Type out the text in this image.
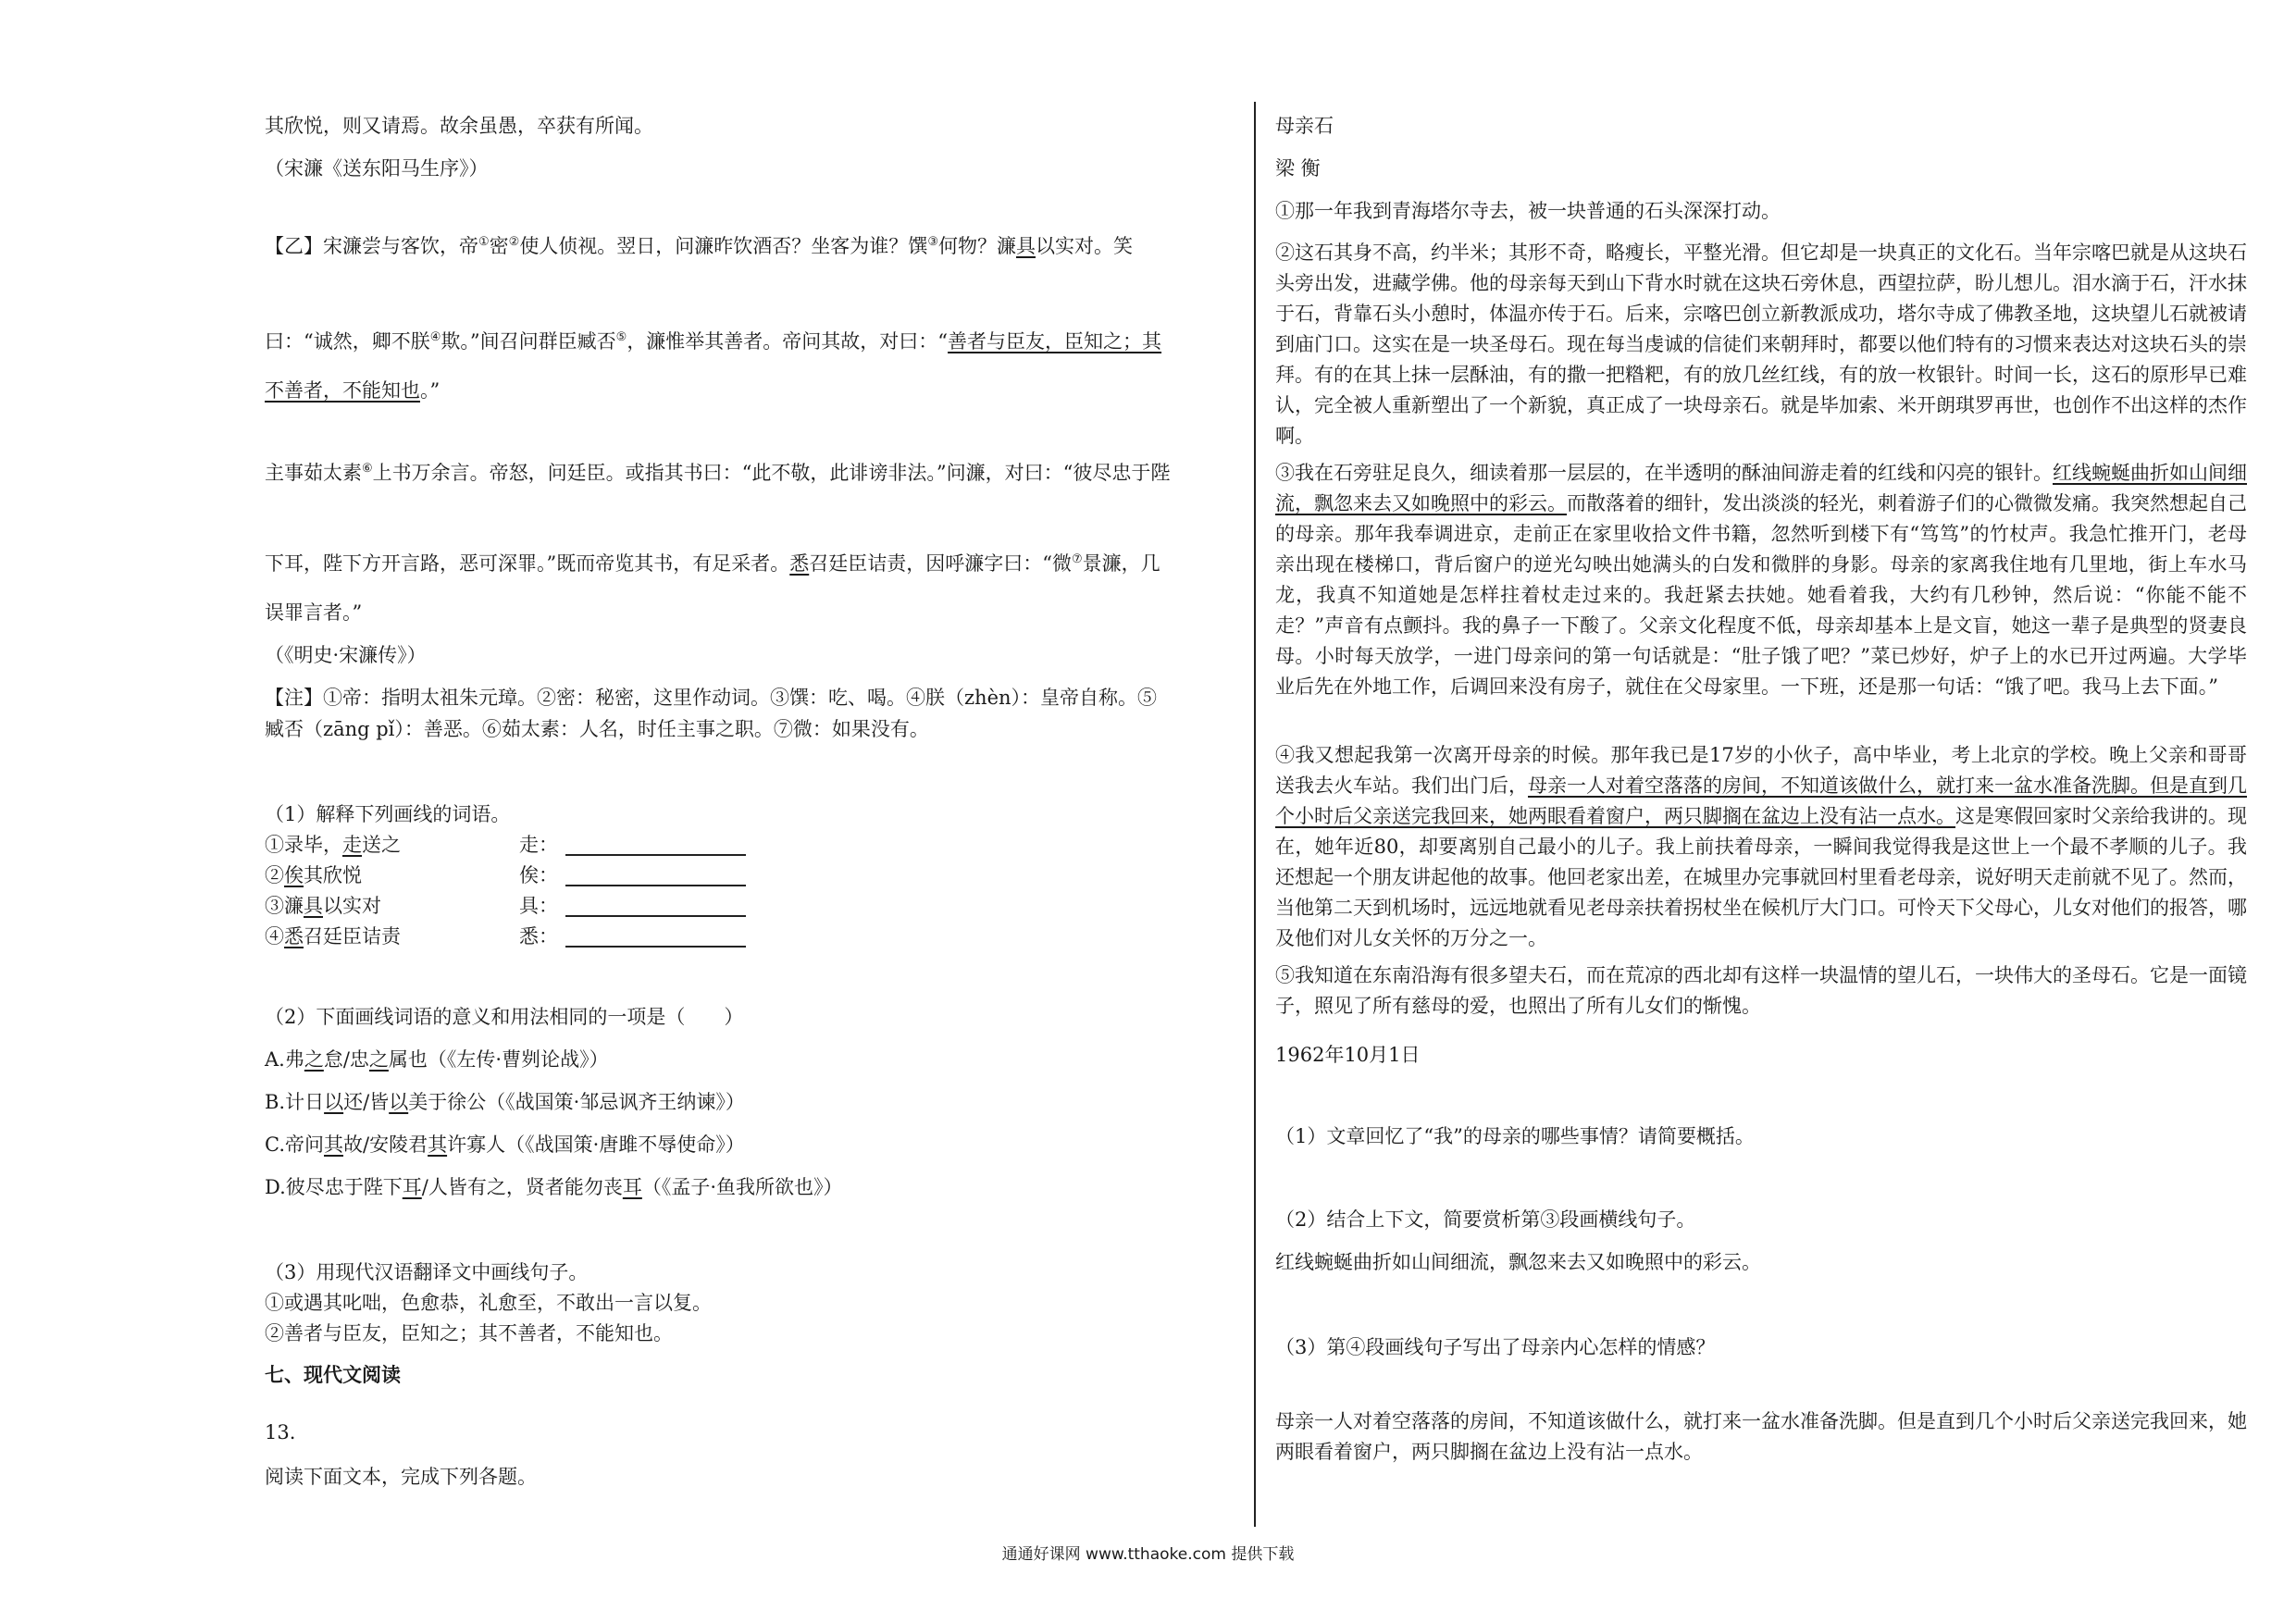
其欣悦，则又请焉。故余虽愚，卒获有所闻。
（宋濂《送东阳马生序》）
【乙】宋濂尝与客饮，帝①密②使人侦视。翌日，问濂昨饮酒否？坐客为谁？馔③何物？濂具以实对。笑
曰：“诚然，卿不朕④欺。”间召问群臣臧否⑤，濂惟举其善者。帝问其故，对曰：“善者与臣友，臣知之；其
不善者，不能知也。”
主事茹太素⑥上书万余言。帝怒，问廷臣。或指其书曰：“此不敬，此诽谤非法。”问濂，对曰：“彼尽忠于陛
下耳，陛下方开言路，恶可深罪。”既而帝览其书，有足采者。悉召廷臣诘责，因呼濂字曰：“微⑦景濂，几
误罪言者。”
（《明史·宋濂传》）
【注】①帝：指明太祖朱元璋。②密：秘密，这里作动词。③馔：吃、喝。④朕（zhèn）：皇帝自称。⑤
臧否（zāng pǐ）：善恶。⑥茹太素：人名，时任主事之职。⑦微：如果没有。
（1）解释下列画线的词语。
①录毕，走送之	走：
②俟其欣悦	俟：
③濂具以实对	具：
④悉召廷臣诘责	悉：
（2）下面画线词语的意义和用法相同的一项是（　　）
A.弗之怠/忠之属也（《左传·曹刿论战》）
B.计日以还/皆以美于徐公（《战国策·邹忌讽齐王纳谏》）
C.帝问其故/安陵君其许寡人（《战国策·唐雎不辱使命》）
D.彼尽忠于陛下耳/人皆有之，贤者能勿丧耳（《孟子·鱼我所欲也》）
（3）用现代汉语翻译文中画线句子。
①或遇其叱咄，色愈恭，礼愈至，不敢出一言以复。
②善者与臣友，臣知之；其不善者，不能知也。
七、现代文阅读
13.
阅读下面文本，完成下列各题。
母亲石
梁 衡
①那一年我到青海塔尔寺去，被一块普通的石头深深打动。
②这石其身不高，约半米；其形不奇，略瘦长，平整光滑。但它却是一块真正的文化石。当年宗喀巴就是从这块石头旁出发，进藏学佛。他的母亲每天到山下背水时就在这块石旁休息，西望拉萨，盼儿想儿。泪水滴于石，汗水抹于石，背靠石头小憩时，体温亦传于石。后来，宗喀巴创立新教派成功，塔尔寺成了佛教圣地，这块望儿石就被请到庙门口。这实在是一块圣母石。现在每当虔诚的信徒们来朝拜时，都要以他们特有的习惯来表达对这块石头的崇拜。有的在其上抹一层酥油，有的撒一把糌粑，有的放几丝红线，有的放一枚银针。时间一长，这石的原形早已难认，完全被人重新塑出了一个新貌，真正成了一块母亲石。就是毕加索、米开朗琪罗再世，也创作不出这样的杰作啊。
③我在石旁驻足良久，细读着那一层层的，在半透明的酥油间游走着的红线和闪亮的银针。红线蜿蜒曲折如山间细流，飘忽来去又如晚照中的彩云。而散落着的细针，发出淡淡的轻光，刺着游子们的心微微发痛。我突然想起自己的母亲。那年我奉调进京，走前正在家里收拾文件书籍，忽然听到楼下有“笃笃”的竹杖声。我急忙推开门，老母亲出现在楼梯口，背后窗户的逆光勾映出她满头的白发和微胖的身影。母亲的家离我住地有几里地，街上车水马龙，我真不知道她是怎样拄着杖走过来的。我赶紧去扶她。她看着我，大约有几秒钟，然后说：“你能不能不走？”声音有点颤抖。我的鼻子一下酸了。父亲文化程度不低，母亲却基本上是文盲，她这一辈子是典型的贤妻良母。小时每天放学，一进门母亲问的第一句话就是：“肚子饿了吧？”菜已炒好，炉子上的水已开过两遍。大学毕业后先在外地工作，后调回来没有房子，就住在父母家里。一下班，还是那一句话：“饿了吧。我马上去下面。”
④我又想起我第一次离开母亲的时候。那年我已是17岁的小伙子，高中毕业，考上北京的学校。晚上父亲和哥哥送我去火车站。我们出门后，母亲一人对着空落落的房间，不知道该做什么，就打来一盆水准备洗脚。但是直到几个小时后父亲送完我回来，她两眼看着窗户，两只脚搁在盆边上没有沾一点水。这是寒假回家时父亲给我讲的。现在，她年近80，却要离别自己最小的儿子。我上前扶着母亲，一瞬间我觉得我是这世上一个最不孝顺的儿子。我还想起一个朋友讲起他的故事。他回老家出差，在城里办完事就回村里看老母亲，说好明天走前就不见了。然而，当他第二天到机场时，远远地就看见老母亲扶着拐杖坐在候机厅大门口。可怜天下父母心，儿女对他们的报答，哪及他们对儿女关怀的万分之一。
⑤我知道在东南沿海有很多望夫石，而在荒凉的西北却有这样一块温情的望儿石，一块伟大的圣母石。它是一面镜子，照见了所有慈母的爱，也照出了所有儿女们的惭愧。
1962年10月1日
（1）文章回忆了“我”的母亲的哪些事情？请简要概括。
（2）结合上下文，简要赏析第③段画横线句子。
红线蜿蜒曲折如山间细流，飘忽来去又如晚照中的彩云。
（3）第④段画线句子写出了母亲内心怎样的情感？
母亲一人对着空落落的房间，不知道该做什么，就打来一盆水准备洗脚。但是直到几个小时后父亲送完我回来，她两眼看着窗户，两只脚搁在盆边上没有沾一点水。
通通好课网 www.tthaoke.com 提供下载
